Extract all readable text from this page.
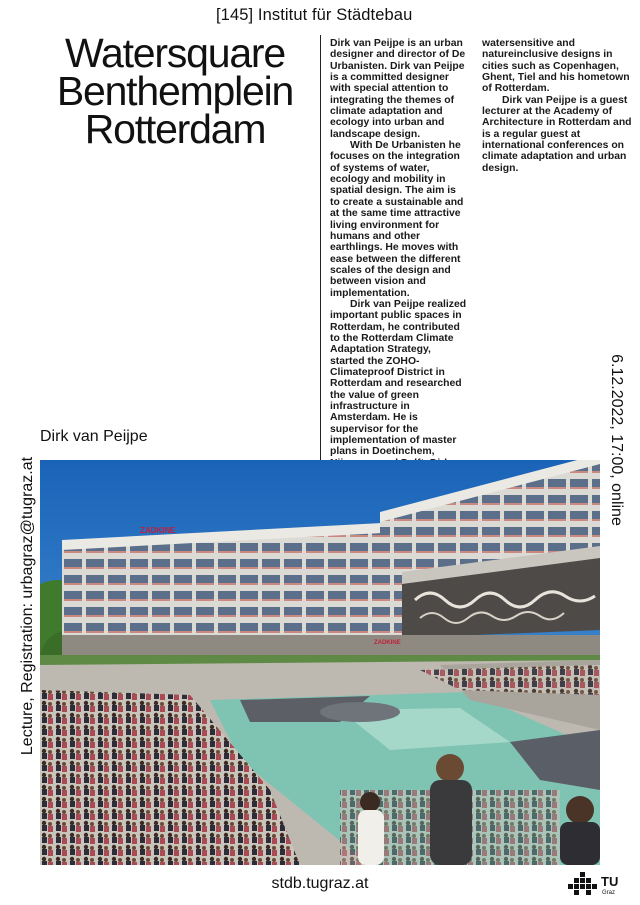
[145] Institut für Städtebau
Watersquare
Benthemplein
Rotterdam

Dirk van Peijpe is an urban designer and director of De Urbanisten. Dirk van Peijpe is a committed designer with special attention to integrating the themes of climate adaptation and ecology into urban and landscape design.

With De Urbanisten he focuses on the integration of systems of water, ecology and mobility in spatial design. The aim is to create a sustainable and at the same time attractive living environment for humans and other earthlings. He moves with ease between the different scales of the design and between vision and implementation.

Dirk van Peijpe realized important public spaces in Rotterdam, he contributed to the Rotterdam Climate Adaptation Strategy, started the ZOHO-Climateproof District in Rotterdam and researched the value of green infrastructure in Amsterdam. He is supervisor for the implementation of master plans in Doetinchem,

watersensitive and natureinclusive designs in cities such as Copenhagen, Ghent, Tiel and his hometown of Rotterdam.

Dirk van Peijpe is a guest lecturer at the Academy of Architecture in Rotterdam and is a regular guest at international conferences on climate adaptation and urban design.

Dirk van Peijpe
Lecture, Registration: urbagraz@tugraz.at
6.12.2022, 17:00, online
ZADKINE
ZADKINE
stdb.tugraz.at	TU
Graz
